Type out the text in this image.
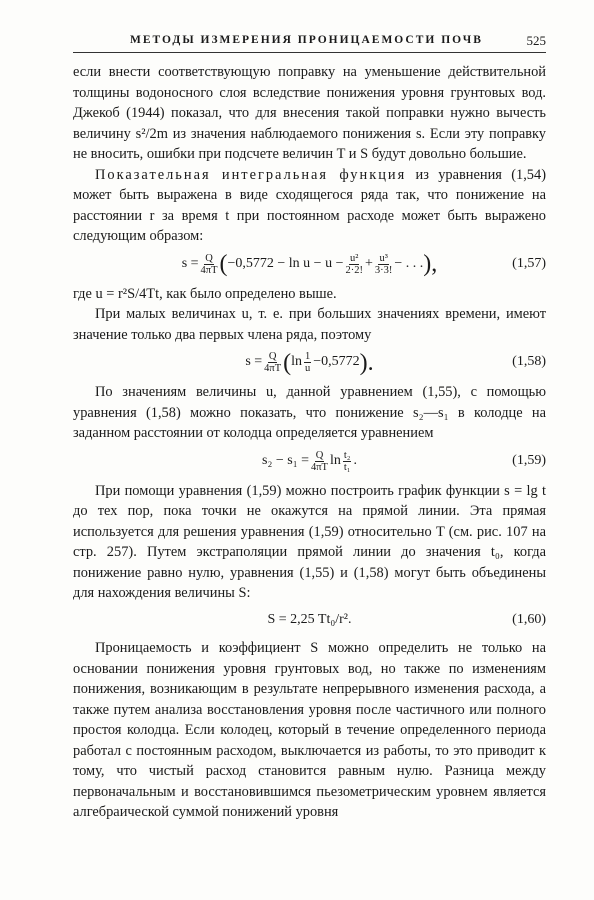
МЕТОДЫ ИЗМЕРЕНИЯ ПРОНИЦАЕМОСТИ ПОЧВ	525

если внести соответствующую поправку на уменьшение действительной толщины водоносного слоя вследствие понижения уровня грунтовых вод. Джекоб (1944) показал, что для внесения такой поправки нужно вычесть величину s²/2m из значения наблюдаемого понижения s. Если эту поправку не вносить, ошибки при подсчете величин T и S будут довольно большие.

Показательная интегральная функция из уравнения (1,54) может быть выражена в виде сходящегося ряда так, что понижение на расстоянии r за время t при постоянном расходе может быть выражено следующим образом:

$s = \frac{Q}{4\pi T}$ ( $-0,5772 - \ln u - u - \frac{\text{u²}}{2\cdot 2!} + \frac{\text{u³}}{3\cdot 3!}$ − . . . ),	(1,57)

где u = r²S/4Tt, как было определено выше.

При малых величинах u, т. е. при больших значениях времени, имеют значение только два первых члена ряда, поэтому

$s = \frac{Q}{4\pi T}$ ( $\ln \frac{1}{u} -0,5772$ ).	(1,58)

По значениям величины u, данной уравнением (1,55), с помощью уравнения (1,58) можно показать, что понижение s₂—s₁ в колодце на заданном расстоянии от колодца определяется уравнением

$s_2 - s_1 = \frac{Q}{4\pi T}$ $\ln \frac{\text{t₂}}{\text{t₁}}$ .	(1,59)

При помощи уравнения (1,59) можно построить график функции s = lg t до тех пор, пока точки не окажутся на прямой линии. Эта прямая используется для решения уравнения (1,59) относительно T (см. рис. 107 на стр. 257). Путем экстраполяции прямой линии до значения t₀, когда понижение равно нулю, уравнения (1,55) и (1,58) могут быть объединены для нахождения величины S:

S = 2,25 Tt₀/r².	(1,60)

Проницаемость и коэффициент S можно определить не только на основании понижения уровня грунтовых вод, но также по изменениям понижения, возникающим в результате непрерывного изменения расхода, а также путем анализа восстановления уровня после частичного или полного простоя колодца. Если колодец, который в течение определенного периода работал с постоянным расходом, выключается из работы, то это приводит к тому, что чистый расход становится равным нулю. Разница между первоначальным и восстановившимся пьезометрическим уровнем является алгебраической суммой понижений уровня
